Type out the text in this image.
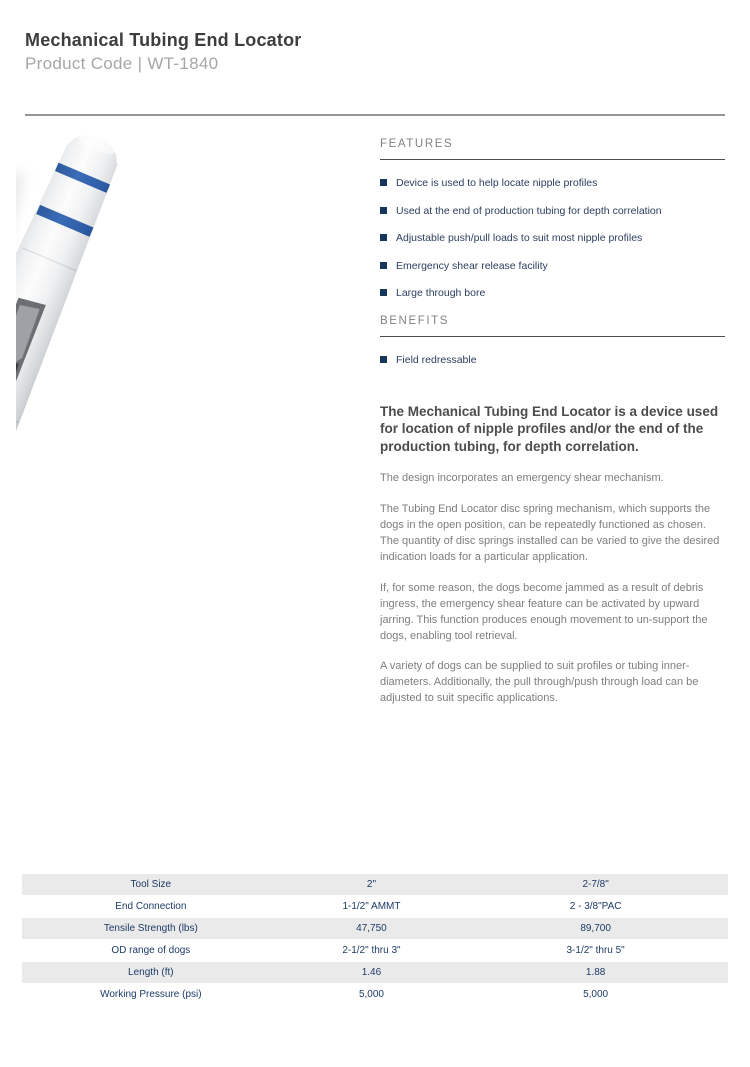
Mechanical Tubing End Locator
Product Code | WT-1840
FEATURES
Device is used to help locate nipple profiles
Used at the end of production tubing for depth correlation
Adjustable push/pull loads to suit most nipple profiles
Emergency shear release facility
Large through bore
BENEFITS
Field redressable
The Mechanical Tubing End Locator is a device used for location of nipple profiles and/or the end of the production tubing, for depth correlation.
The design incorporates an emergency shear mechanism.
The Tubing End Locator disc spring mechanism, which supports the dogs in the open position, can be repeatedly functioned as chosen. The quantity of disc springs installed can be varied to give the desired indication loads for a particular application.
If, for some reason, the dogs become jammed as a result of debris ingress, the emergency shear feature can be activated by upward jarring. This function produces enough movement to un-support the dogs, enabling tool retrieval.
A variety of dogs can be supplied to suit profiles or tubing inner-diameters. Additionally, the pull through/push through load can be adjusted to suit specific applications.
Tool Size	2"	2-7/8"
End Connection	1-1/2" AMMT	2 - 3/8"PAC
Tensile Strength (lbs)	47,750	89,700
OD range of dogs	2-1/2" thru 3"	3-1/2" thru 5"
Length (ft)	1.46	1.88
Working Pressure (psi)	5,000	5,000
